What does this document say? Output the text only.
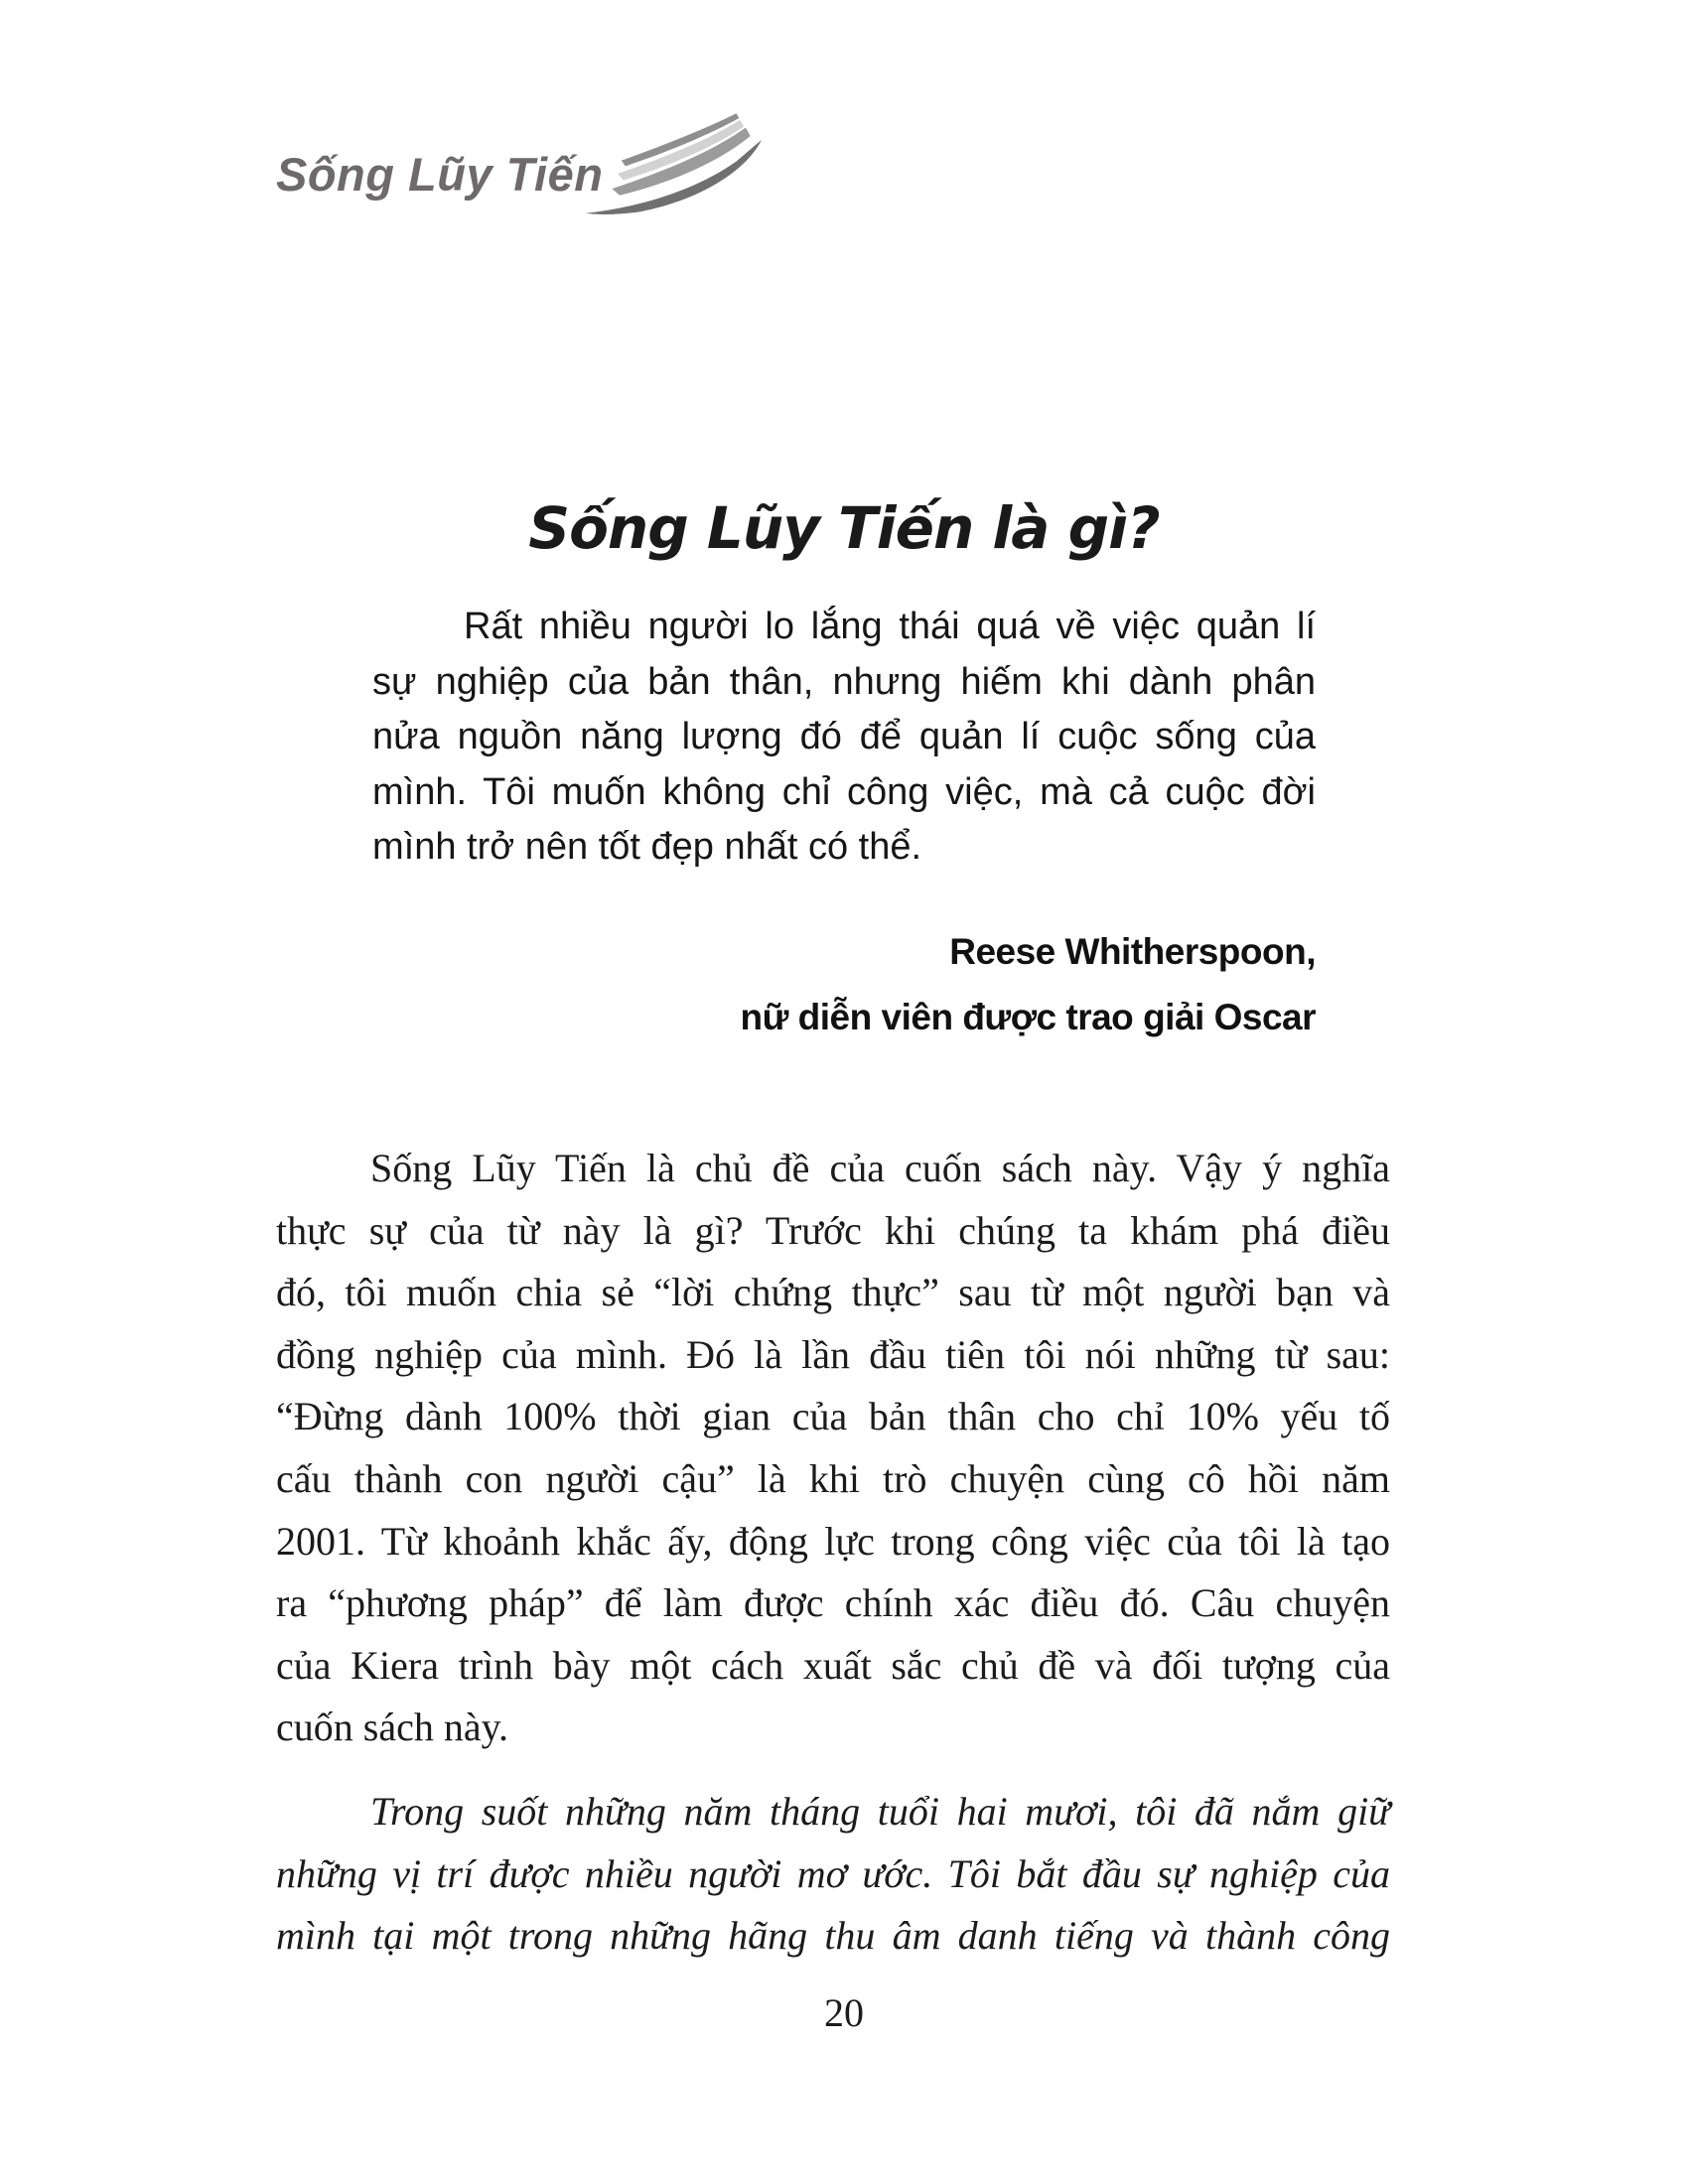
Sống Lũy Tiến
Sống Lũy Tiến là gì?
Rất nhiều người lo lắng thái quá về việc quản lí
sự nghiệp của bản thân, nhưng hiếm khi dành phân
nửa nguồn năng lượng đó để quản lí cuộc sống của
mình. Tôi muốn không chỉ công việc, mà cả cuộc đời
mình trở nên tốt đẹp nhất có thể.
Reese Whitherspoon,
nữ diễn viên được trao giải Oscar
Sống Lũy Tiến là chủ đề của cuốn sách này. Vậy ý nghĩa
thực sự của từ này là gì? Trước khi chúng ta khám phá điều
đó, tôi muốn chia sẻ “lời chứng thực” sau từ một người bạn và
đồng nghiệp của mình. Đó là lần đầu tiên tôi nói những từ sau:
“Đừng dành 100% thời gian của bản thân cho chỉ 10% yếu tố
cấu thành con người cậu” là khi trò chuyện cùng cô hồi năm
2001. Từ khoảnh khắc ấy, động lực trong công việc của tôi là tạo
ra “phương pháp” để làm được chính xác điều đó. Câu chuyện
của Kiera trình bày một cách xuất sắc chủ đề và đối tượng của
cuốn sách này.
Trong suốt những năm tháng tuổi hai mươi, tôi đã nắm giữ
những vị trí được nhiều người mơ ước. Tôi bắt đầu sự nghiệp của
mình tại một trong những hãng thu âm danh tiếng và thành công
20
